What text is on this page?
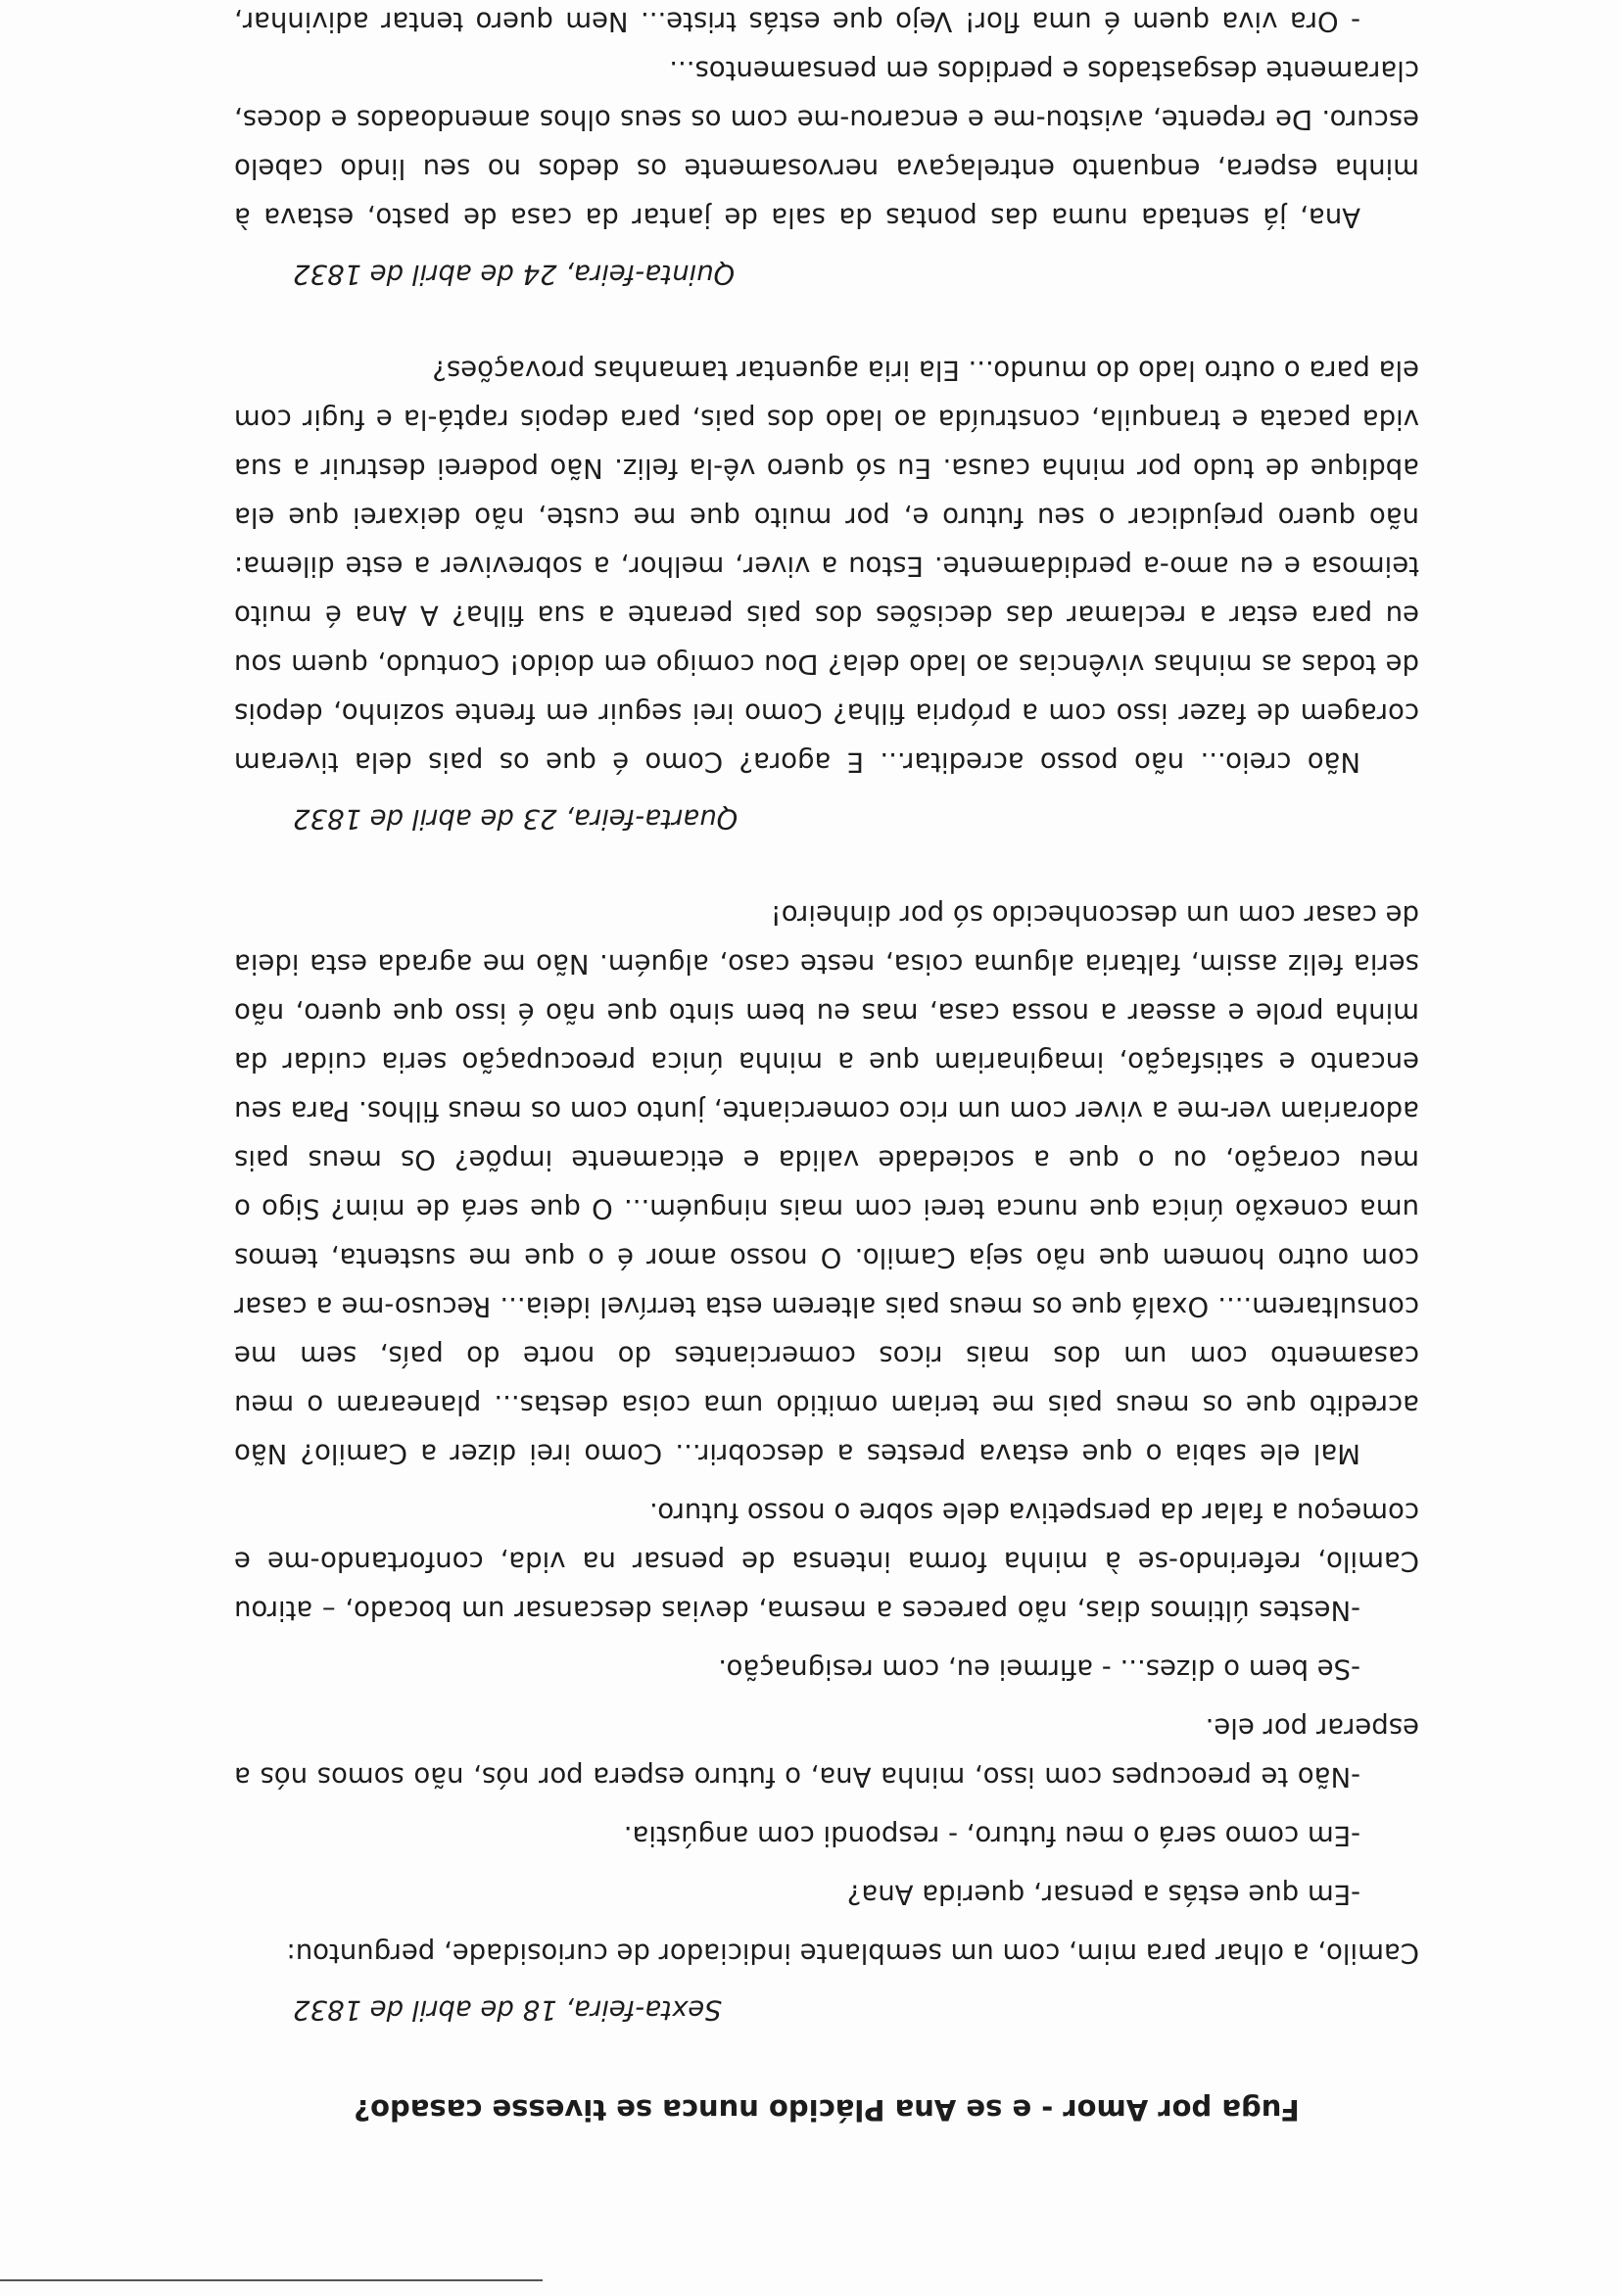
Fuga por Amor - e se Ana Plácido nunca se tivesse casado?
Sexta-feira, 18 de abril de 1832

Camilo, a olhar para mim, com um semblante indiciador de curiosidade, perguntou:

-Em que estás a pensar, querida Ana?

-Em como será o meu futuro, - respondi com angústia.

-Não te preocupes com isso, minha Ana, o futuro espera por nós, não somos nós a esperar por ele.

-Se bem o dizes... - afirmei eu, com resignação.

-Nestes últimos dias, não pareces a mesma, devias descansar um bocado, – atirou Camilo, referindo-se à minha forma intensa de pensar na vida, confortando-me e começou a falar da perspetiva dele sobre o nosso futuro.

Mal ele sabia o que estava prestes a descobrir... Como irei dizer a Camilo? Não acredito que os meus pais me teriam omitido uma coisa destas... planearam o meu casamento com um dos mais ricos comerciantes do norte do país, sem me consultarem.... Oxalá que os meus pais alterem esta terrível ideia... Recuso-me a casar com outro homem que não seja Camilo. O nosso amor é o que me sustenta, temos uma conexão única que nunca terei com mais ninguém... O que será de mim? Sigo o meu coração, ou o que a sociedade valida e eticamente impõe? Os meus pais adorariam ver-me a viver com um rico comerciante, junto com os meus filhos. Para seu encanto e satisfação, imaginariam que a minha única preocupação seria cuidar da minha prole e assear a nossa casa, mas eu bem sinto que não é isso que quero, não seria feliz assim, faltaria alguma coisa, neste caso, alguém. Não me agrada esta ideia de casar com um desconhecido só por dinheiro!

Quarta-feira, 23 de abril de 1832

Não creio... não posso acreditar... E agora? Como é que os pais dela tiveram coragem de fazer isso com a própria filha? Como irei seguir em frente sozinho, depois de todas as minhas vivências ao lado dela? Dou comigo em doido! Contudo, quem sou eu para estar a reclamar das decisões dos pais perante a sua filha? A Ana é muito teimosa e eu amo-a perdidamente. Estou a viver, melhor, a sobreviver a este dilema: não quero prejudicar o seu futuro e, por muito que me custe, não deixarei que ela abdique de tudo por minha causa. Eu só quero vê-la feliz. Não poderei destruir a sua vida pacata e tranquila, construída ao lado dos pais, para depois raptá-la e fugir com ela para o outro lado do mundo... Ela iria aguentar tamanhas provações?

Quinta-feira, 24 de abril de 1832

Ana, já sentada numa das pontas da sala de jantar da casa de pasto, estava à minha espera, enquanto entrelaçava nervosamente os dedos no seu lindo cabelo escuro. De repente, avistou-me e encarou-me com os seus olhos amendoados e doces, claramente desgastados e perdidos em pensamentos...

- Ora viva quem é uma flor! Vejo que estás triste... Nem quero tentar adivinhar,
